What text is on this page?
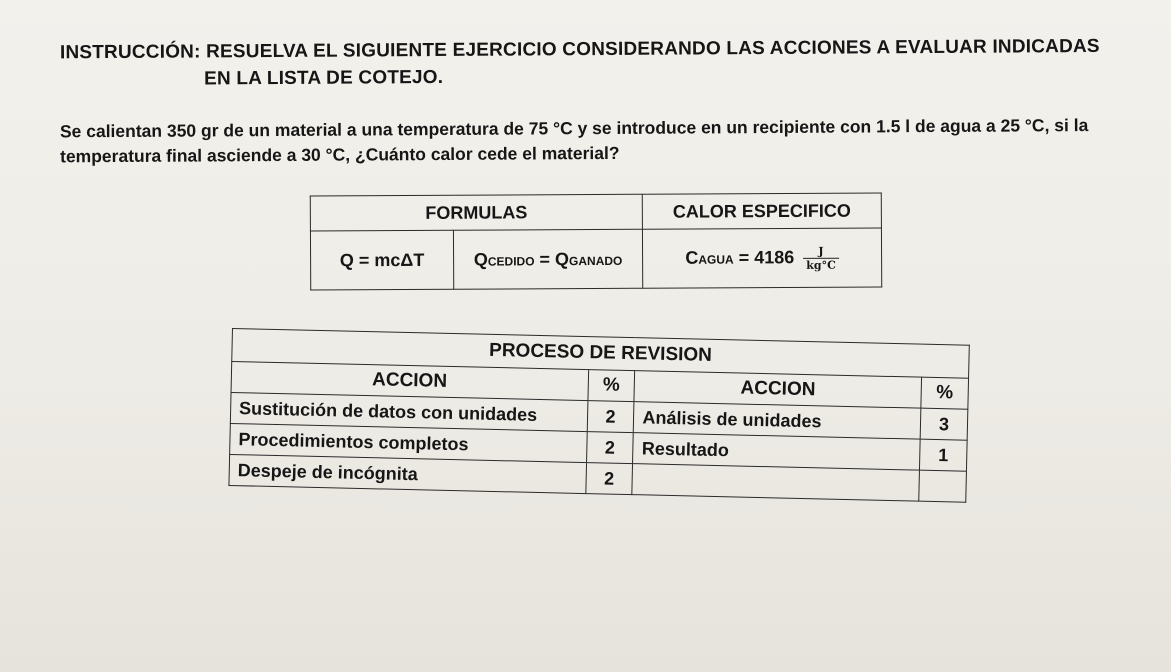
INSTRUCCIÓN: RESUELVA EL SIGUIENTE EJERCICIO CONSIDERANDO LAS ACCIONES A EVALUAR INDICADAS
EN LA LISTA DE COTEJO.
Se calientan 350 gr de un material a una temperatura de 75 °C y se introduce en un recipiente con 1.5 l de agua a 25 °C, si la temperatura final asciende a 30 °C, ¿Cuánto calor cede el material?
FORMULAS		CALOR ESPECIFICO
Q = mcΔT	QCEDIDO = QGANADO	CAGUA = $4186 \frac{J}{kg^\circ C}$
PROCESO DE REVISION			
ACCION	%	ACCION	%
Sustitución de datos con unidades	2	Análisis de unidades	3
Procedimientos completos	2	Resultado	1
Despeje de incógnita	2		
